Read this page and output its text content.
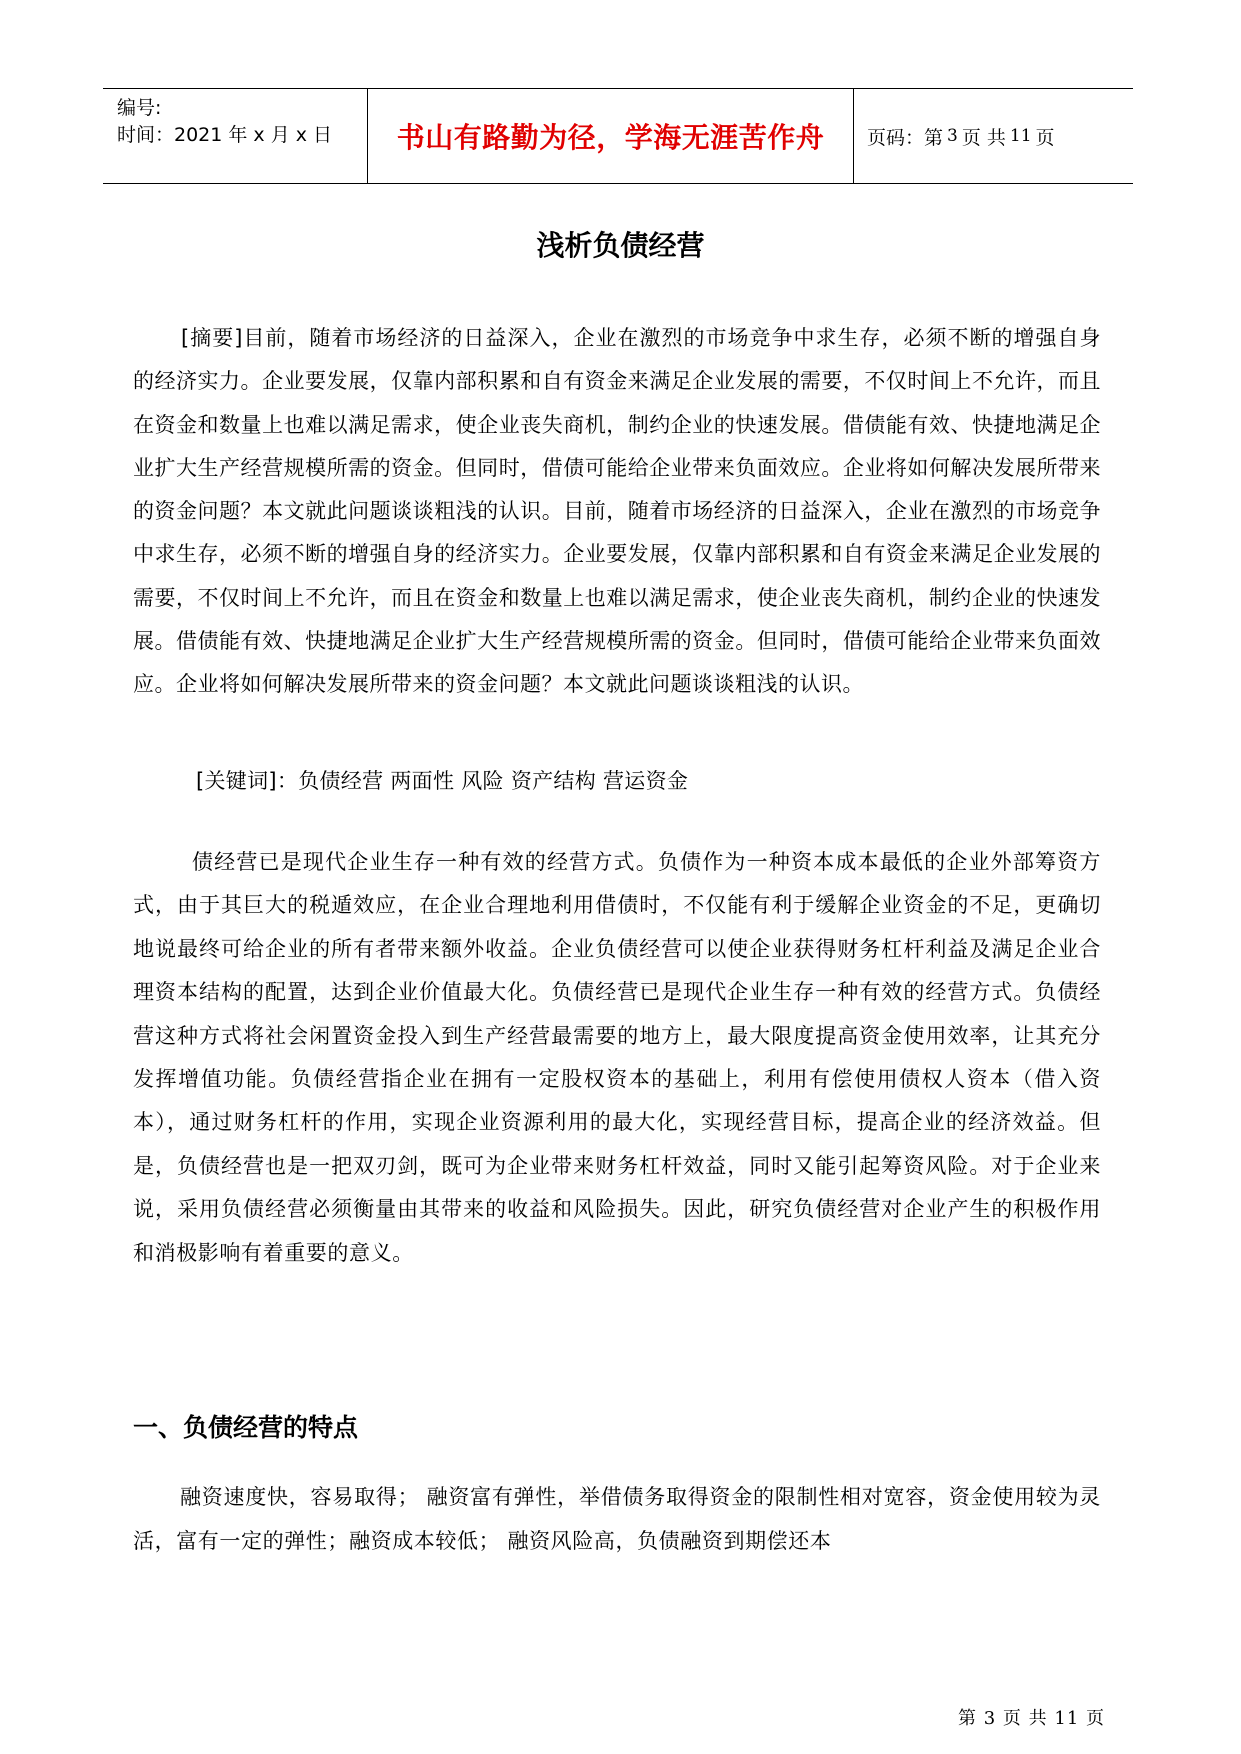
编号:
时间：2021 年 x 月 x 日	书山有路勤为径，学海无涯苦作舟	页码：第 3 页 共 11 页
浅析负债经营

[摘要]目前，随着市场经济的日益深入，企业在激烈的市场竞争中求生存，必须不断的增强自身的经济实力。企业要发展，仅靠内部积累和自有资金来满足企业发展的需要，不仅时间上不允许，而且在资金和数量上也难以满足需求，使企业丧失商机，制约企业的快速发展。借债能有效、快捷地满足企业扩大生产经营规模所需的资金。但同时，借债可能给企业带来负面效应。企业将如何解决发展所带来的资金问题？本文就此问题谈谈粗浅的认识。目前，随着市场经济的日益深入，企业在激烈的市场竞争中求生存，必须不断的增强自身的经济实力。企业要发展，仅靠内部积累和自有资金来满足企业发展的需要，不仅时间上不允许，而且在资金和数量上也难以满足需求，使企业丧失商机，制约企业的快速发展。借债能有效、快捷地满足企业扩大生产经营规模所需的资金。但同时，借债可能给企业带来负面效应。企业将如何解决发展所带来的资金问题？本文就此问题谈谈粗浅的认识。

[关键词]：负债经营 两面性 风险 资产结构 营运资金

债经营已是现代企业生存一种有效的经营方式。负债作为一种资本成本最低的企业外部筹资方式，由于其巨大的税遁效应，在企业合理地利用借债时，不仅能有利于缓解企业资金的不足，更确切地说最终可给企业的所有者带来额外收益。企业负债经营可以使企业获得财务杠杆利益及满足企业合理资本结构的配置，达到企业价值最大化。负债经营已是现代企业生存一种有效的经营方式。负债经营这种方式将社会闲置资金投入到生产经营最需要的地方上，最大限度提高资金使用效率，让其充分发挥增值功能。负债经营指企业在拥有一定股权资本的基础上，利用有偿使用债权人资本（借入资本），通过财务杠杆的作用，实现企业资源利用的最大化，实现经营目标，提高企业的经济效益。但是，负债经营也是一把双刃剑，既可为企业带来财务杠杆效益，同时又能引起筹资风险。对于企业来说，采用负债经营必须衡量由其带来的收益和风险损失。因此，研究负债经营对企业产生的积极作用和消极影响有着重要的意义。

一、负债经营的特点

融资速度快，容易取得； 融资富有弹性，举借债务取得资金的限制性相对宽容，资金使用较为灵活，富有一定的弹性；融资成本较低； 融资风险高，负债融资到期偿还本

第 3 页 共 11 页
